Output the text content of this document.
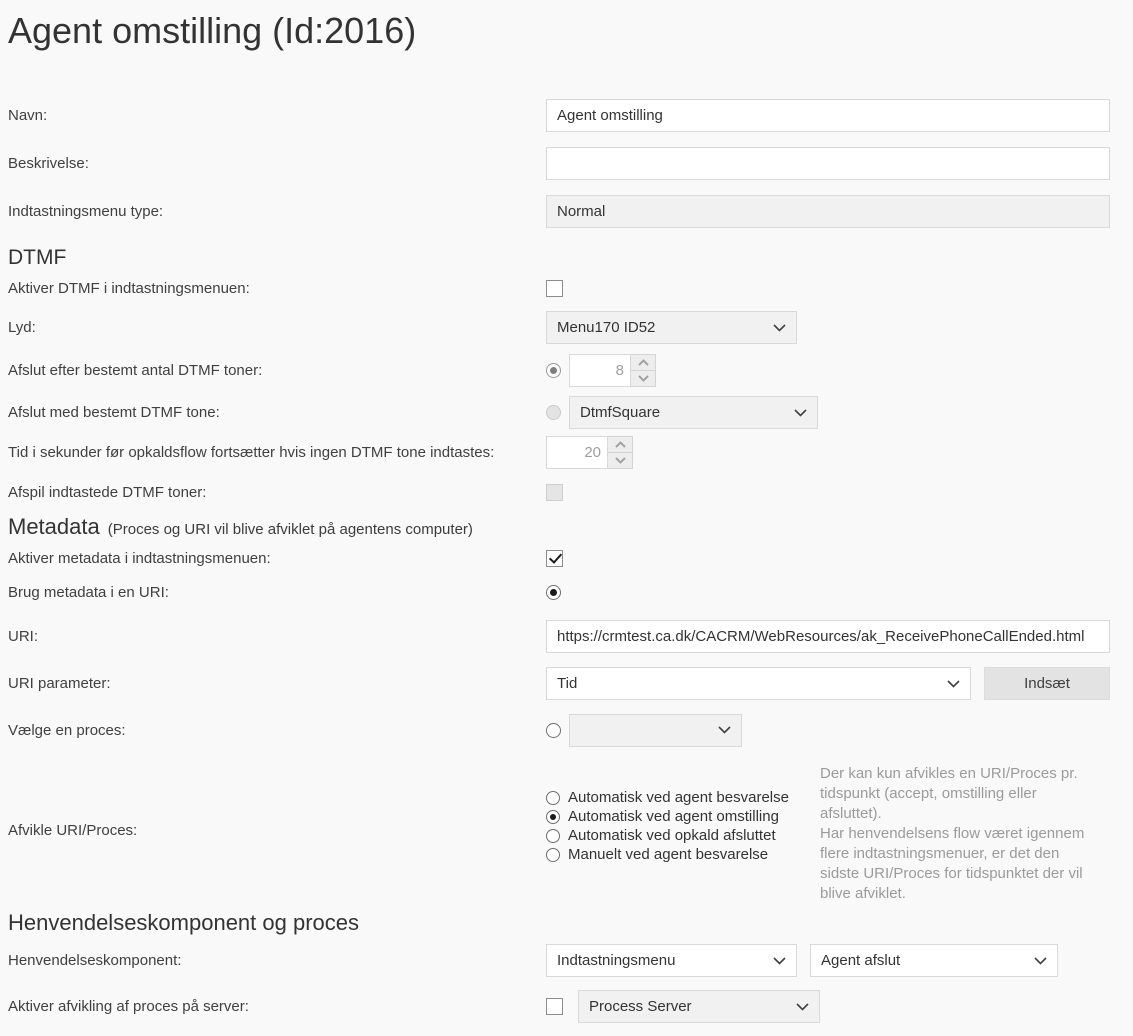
Agent omstilling (Id:2016)
Navn:
Agent omstilling
Beskrivelse:
Indtastningsmenu type:
Normal
DTMF
Aktiver DTMF i indtastningsmenuen:
Lyd:	Menu170 ID52
Afslut efter bestemt antal DTMF toner:
8
Afslut med bestemt DTMF tone:	DtmfSquare
Tid i sekunder før opkaldsflow fortsætter hvis ingen DTMF tone indtastes:
20
Afspil indtastede DTMF toner:
Metadata (Proces og URI vil blive afviklet på agentens computer)
Aktiver metadata i indtastningsmenuen:
Brug metadata i en URI:
URI:
https://crmtest.ca.dk/CACRM/WebResources/ak_ReceivePhoneCallEnded.html
URI parameter:	Tid	Indsæt
Vælge en proces:
Afvikle URI/Proces:
Automatisk ved agent besvarelse
Automatisk ved agent omstilling
Automatisk ved opkald afsluttet
Manuelt ved agent besvarelse

Der kan kun afvikles en URI/Proces pr. tidspunkt (accept, omstilling eller afsluttet).

Har henvendelsens flow været igennem flere indtastningsmenuer, er det den sidste URI/Proces for tidspunktet der vil blive afviklet.

Henvendelseskomponent og proces
Henvendelseskomponent:	Indtastningsmenu	Agent afslut
Aktiver afvikling af proces på server:	Process Server
